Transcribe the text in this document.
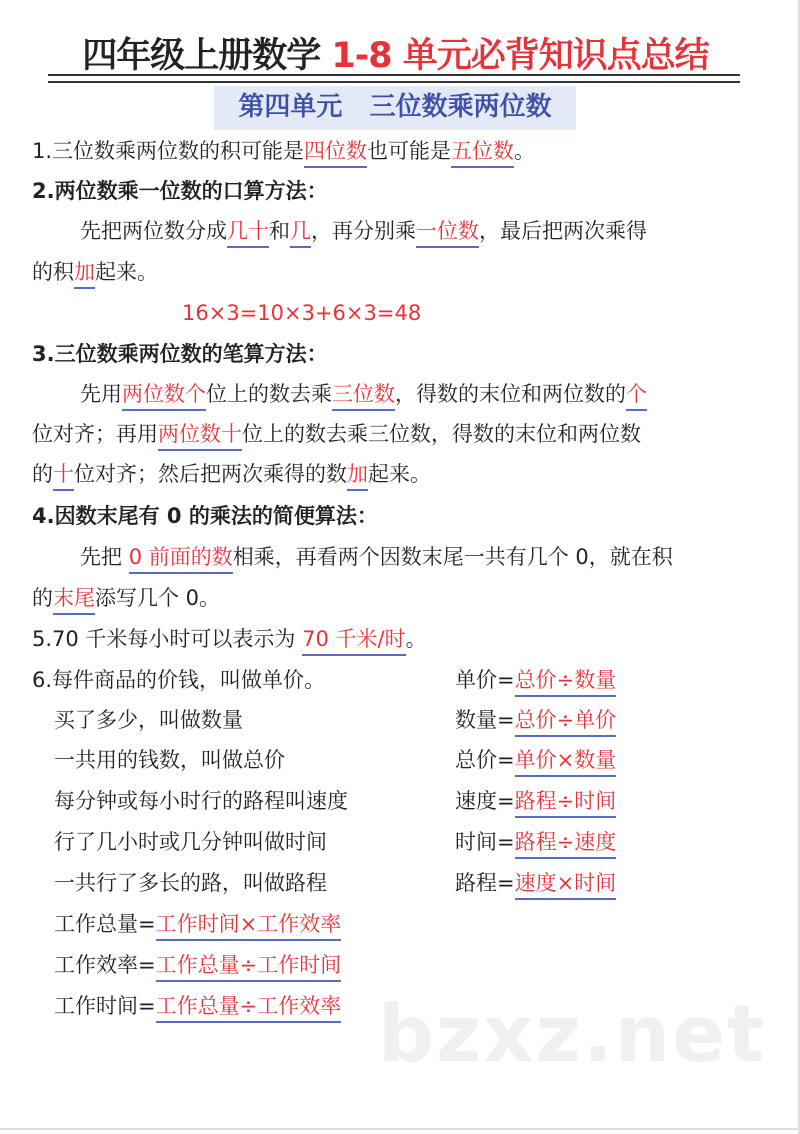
四年级上册数学 1-8 单元必背知识点总结
第四单元   三位数乘两位数
1.三位数乘两位数的积可能是四位数也可能是五位数。
2.两位数乘一位数的口算方法：
先把两位数分成几十和几，再分别乘一位数，最后把两次乘得
的积加起来。
16×3=10×3+6×3=48
3.三位数乘两位数的笔算方法：
先用两位数个位上的数去乘三位数，得数的末位和两位数的个
位对齐；再用两位数十位上的数去乘三位数，得数的末位和两位数
的十位对齐；然后把两次乘得的数加起来。
4.因数末尾有 0 的乘法的简便算法：
先把 0 前面的数相乘，再看两个因数末尾一共有几个 0，就在积
的末尾添写几个 0。
5.70 千米每小时可以表示为 70 千米/时。
6.每件商品的价钱，叫做单价。
买了多少，叫做数量
一共用的钱数，叫做总价
每分钟或每小时行的路程叫速度
行了几小时或几分钟叫做时间
一共行了多长的路，叫做路程
工作总量=工作时间×工作效率
工作效率=工作总量÷工作时间
工作时间=工作总量÷工作效率
单价=总价÷数量
数量=总价÷单价
总价=单价×数量
速度=路程÷时间
时间=路程÷速度
路程=速度×时间
bzxz.net
